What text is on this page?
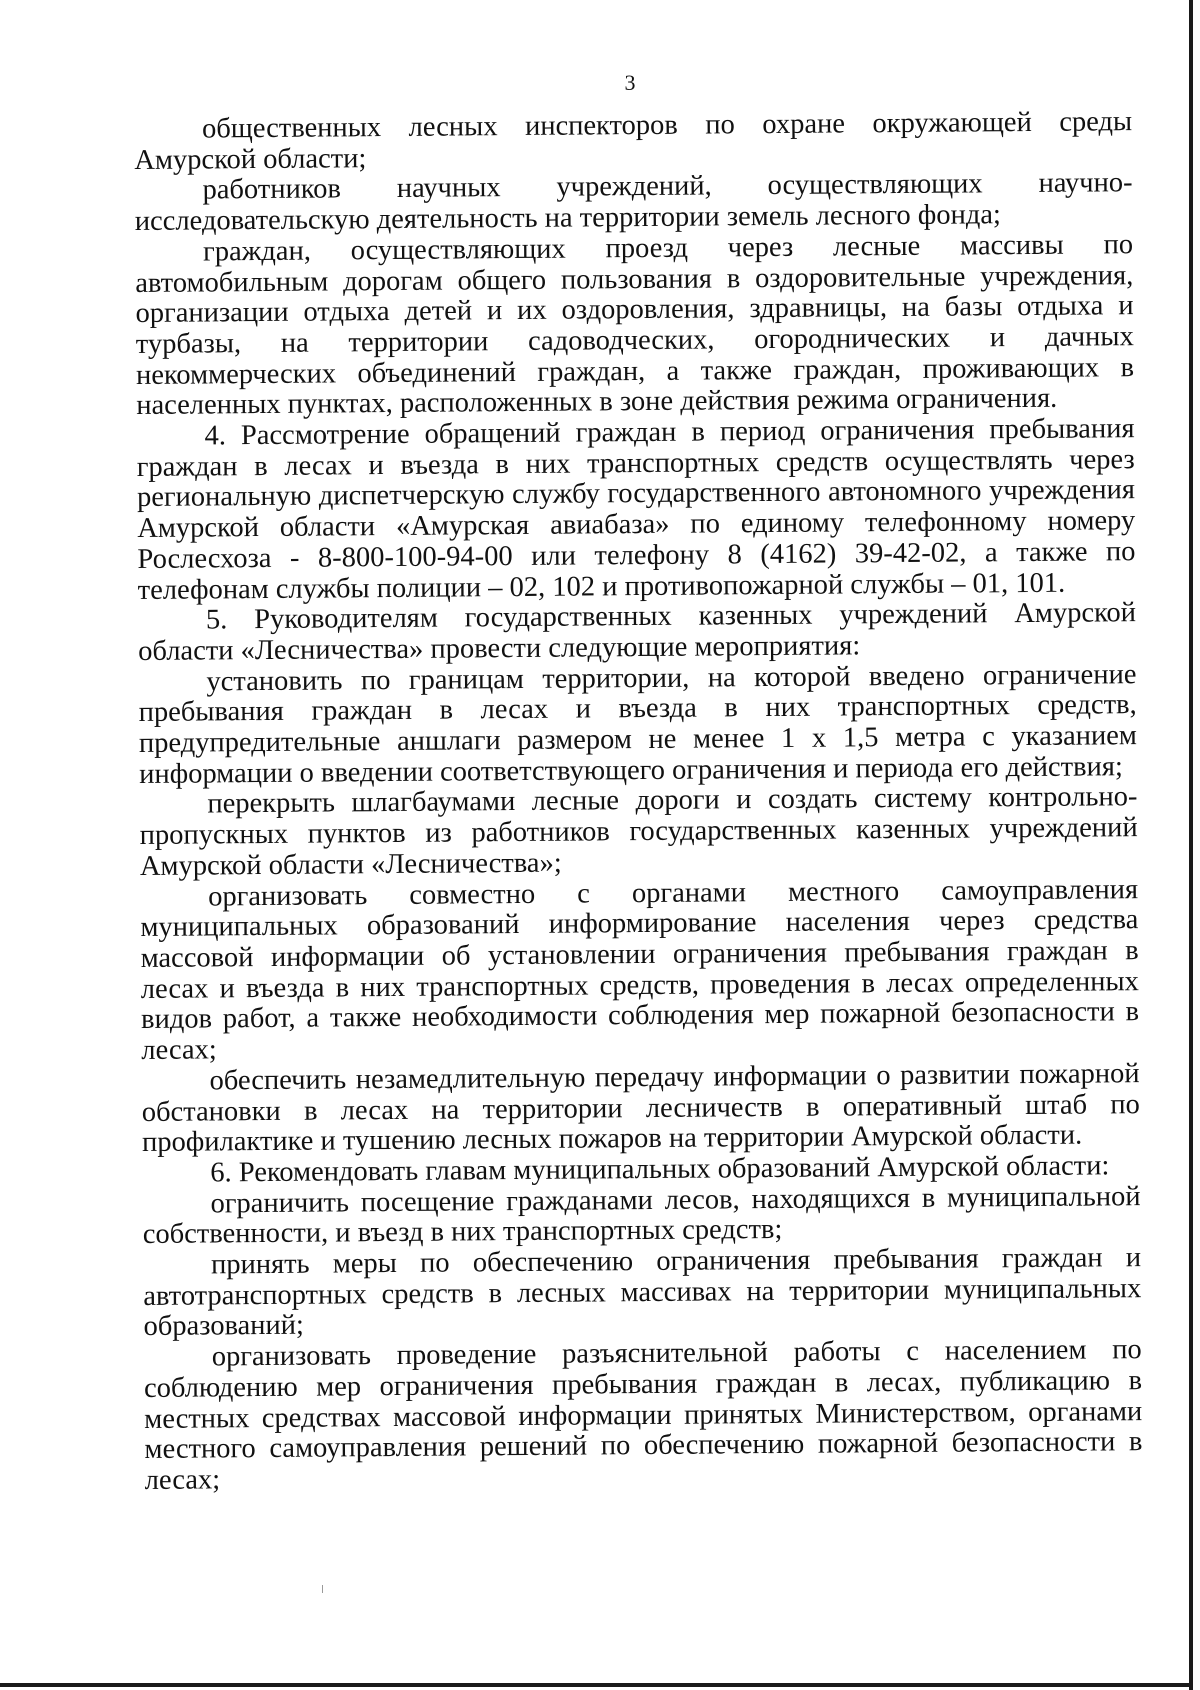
3

общественных лесных инспекторов по охране окружающей среды Амурской области;

работников научных учреждений, осуществляющих научно-исследовательскую деятельность на территории земель лесного фонда;

граждан, осуществляющих проезд через лесные массивы по автомобильным дорогам общего пользования в оздоровительные учреждения, организации отдыха детей и их оздоровления, здравницы, на базы отдыха и турбазы, на территории садоводческих, огороднических и дачных некоммерческих объединений граждан, а также граждан, проживающих в населенных пунктах, расположенных в зоне действия режима ограничения.

4. Рассмотрение обращений граждан в период ограничения пребывания граждан в лесах и въезда в них транспортных средств осуществлять через региональную диспетчерскую службу государственного автономного учреждения Амурской области «Амурская авиабаза» по единому телефонному номеру Рослесхоза - 8-800-100-94-00 или телефону 8 (4162) 39-42-02, а также по телефонам службы полиции – 02, 102 и противопожарной службы – 01, 101.

5. Руководителям государственных казенных учреждений Амурской области «Лесничества» провести следующие мероприятия:

установить по границам территории, на которой введено ограничение пребывания граждан в лесах и въезда в них транспортных средств, предупредительные аншлаги размером не менее 1 х 1,5 метра с указанием информации о введении соответствующего ограничения и периода его действия;

перекрыть шлагбаумами лесные дороги и создать систему контрольно-пропускных пунктов из работников государственных казенных учреждений Амурской области «Лесничества»;

организовать совместно с органами местного самоуправления муниципальных образований информирование населения через средства массовой информации об установлении ограничения пребывания граждан в лесах и въезда в них транспортных средств, проведения в лесах определенных видов работ, а также необходимости соблюдения мер пожарной безопасности в лесах;

обеспечить незамедлительную передачу информации о развитии пожарной обстановки в лесах на территории лесничеств в оперативный штаб по профилактике и тушению лесных пожаров на территории Амурской области.

6. Рекомендовать главам муниципальных образований Амурской области:

ограничить посещение гражданами лесов, находящихся в муниципальной собственности, и въезд в них транспортных средств;

принять меры по обеспечению ограничения пребывания граждан и автотранспортных средств в лесных массивах на территории муниципальных образований;

организовать проведение разъяснительной работы с населением по соблюдению мер ограничения пребывания граждан в лесах, публикацию в местных средствах массовой информации принятых Министерством, органами местного самоуправления решений по обеспечению пожарной безопасности в лесах;
